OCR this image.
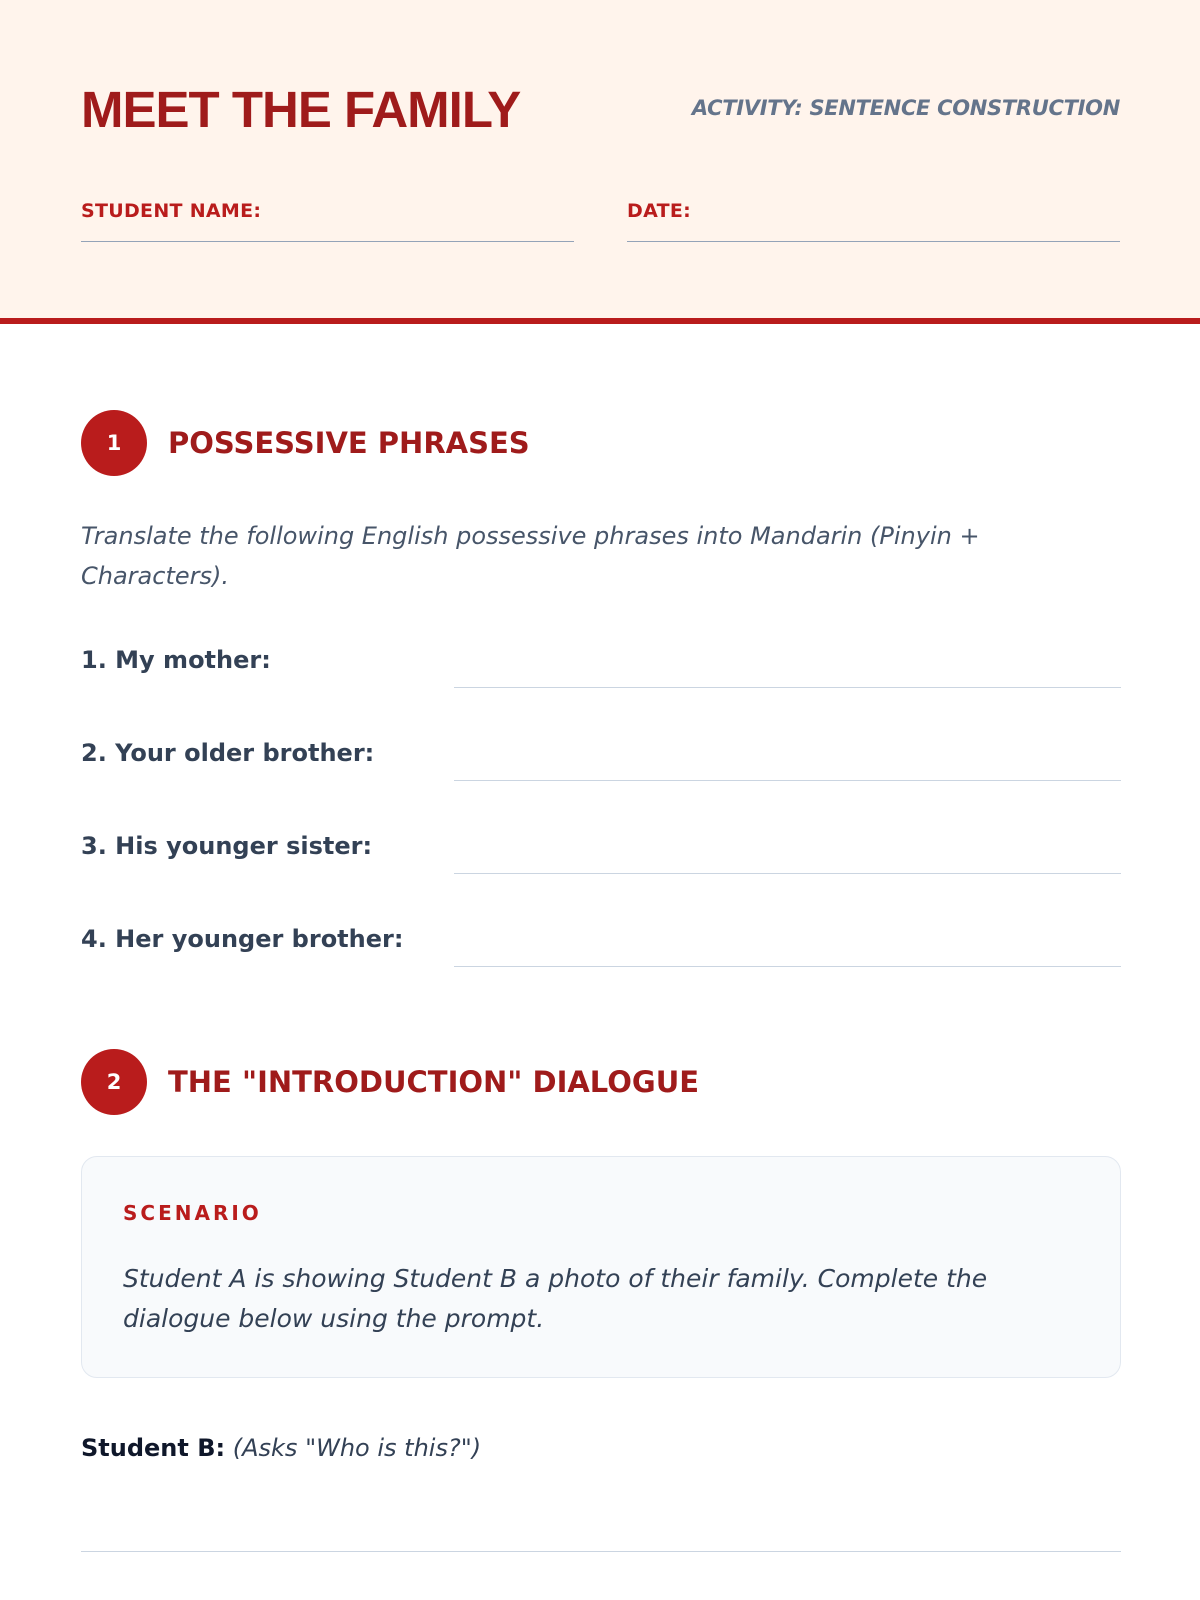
MEET THE FAMILY	ACTIVITY: SENTENCE CONSTRUCTION
STUDENT NAME:	DATE:
1	POSSESSIVE PHRASES

Translate the following English possessive phrases into Mandarin (Pinyin + Characters).

1. My mother:
2. Your older brother:
3. His younger sister:
4. Her younger brother:
2	THE "INTRODUCTION" DIALOGUE
SCENARIO

Student A is showing Student B a photo of their family. Complete the dialogue below using the prompt.

Student B: (Asks "Who is this?")
